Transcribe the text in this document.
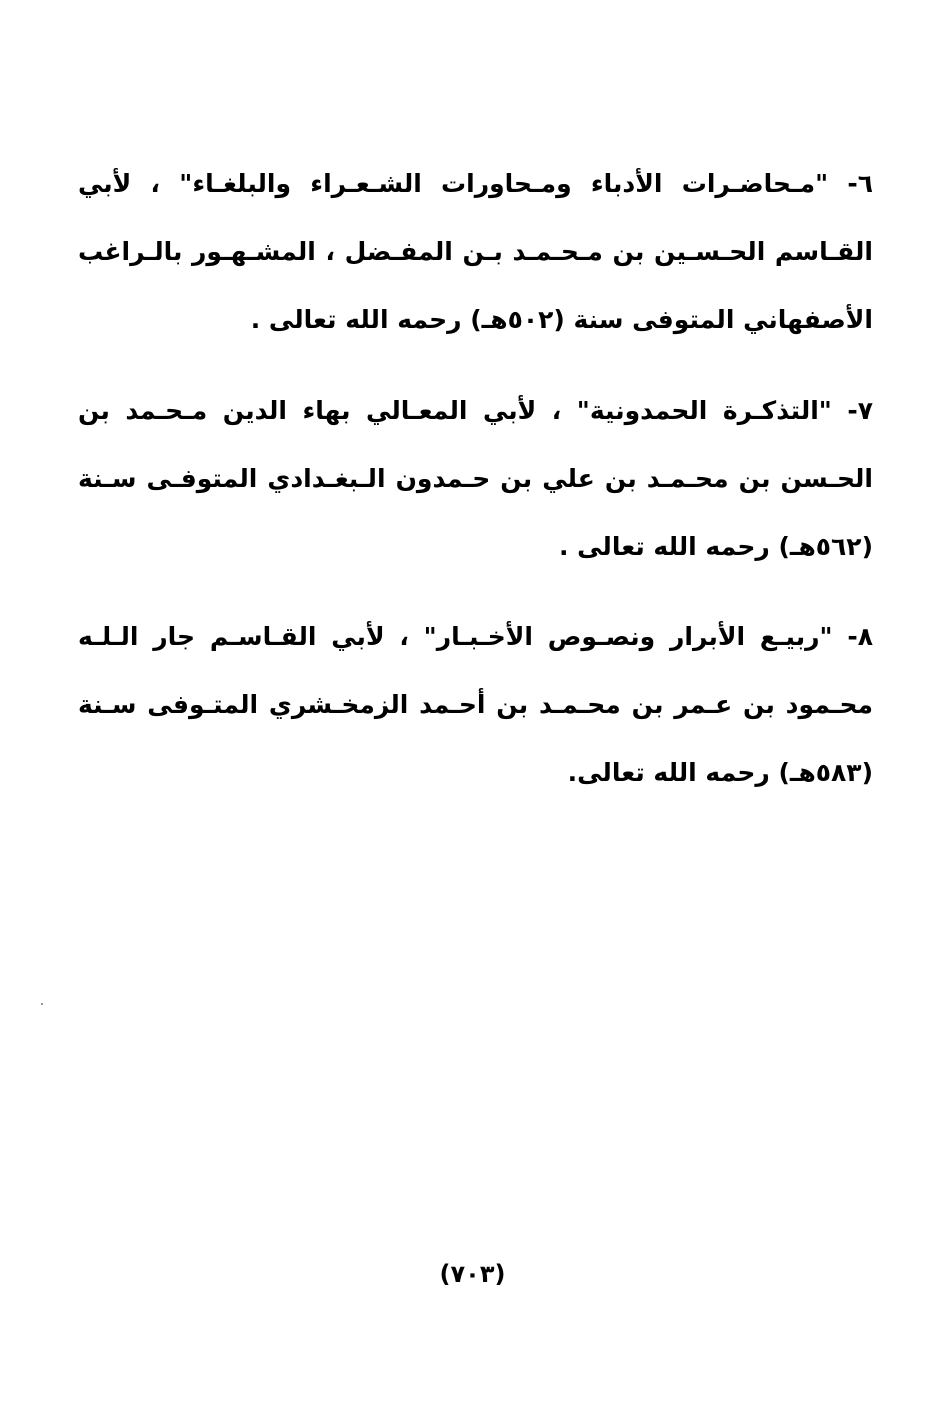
٦- "مـحاضـرات الأدباء ومـحاورات الشـعـراء والبلغـاء" ، لأبي القـاسم الحـسـين بن مـحـمـد بـن المفـضل ، المشـهـور بالـراغب الأصفهاني المتوفى سنة (٥٠٢هـ) رحمه الله تعالى .

٧- "التذكـرة الحمدونية" ، لأبي المعـالي بهاء الدين مـحـمد بن الحـسن بن محـمـد بن علي بن حـمدون الـبغـدادي المتوفـى سـنة (٥٦٢هـ) رحمه الله تعالى .

٨- "ربيـع الأبرار ونصـوص الأخـبـار" ، لأبي القـاسـم جار الـلـه محـمود بن عـمر بن محـمـد بن أحـمد الزمخـشري المتـوفى سـنة (٥٨٣هـ) رحمه الله تعالى.

(٧٠٣)
